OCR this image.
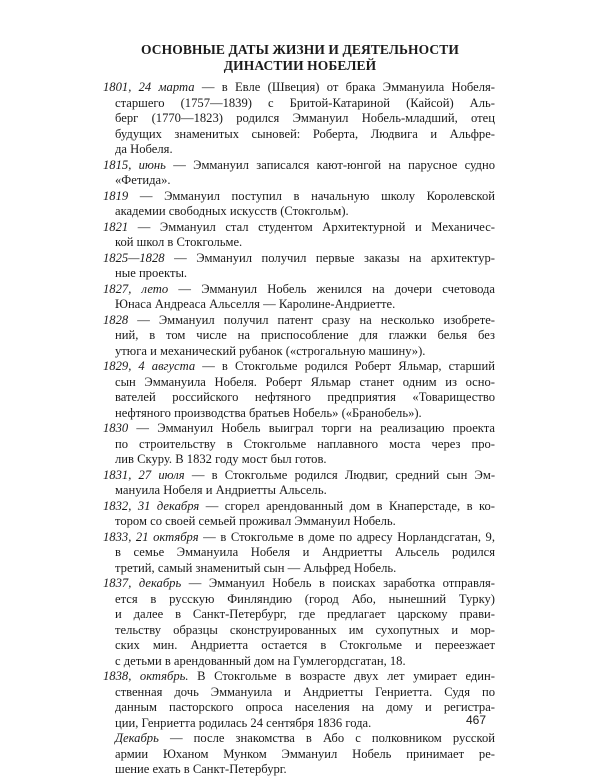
ОСНОВНЫЕ ДАТЫ ЖИЗНИ И ДЕЯТЕЛЬНОСТИ
ДИНАСТИИ НОБЕЛЕЙ
1801, 24 марта — в Евле (Швеция) от брака Эммануила Нобеля-
старшего (1757—1839) с Бритой-Катариной (Кайсой) Аль-
берг (1770—1823) родился Эммануил Нобель-младший, отец
будущих знаменитых сыновей: Роберта, Людвига и Альфре-
да Нобеля.
1815, июнь — Эммануил записался кают-юнгой на парусное судно
«Фетида».
1819 — Эммануил поступил в начальную школу Королевской
академии свободных искусств (Стокгольм).
1821 — Эммануил стал студентом Архитектурной и Механичес-
кой школ в Стокгольме.
1825—1828 — Эммануил получил первые заказы на архитектур-
ные проекты.
1827, лето — Эммануил Нобель женился на дочери счетовода
Юнаса Андреаса Альселля — Каролине-Андриетте.
1828 — Эммануил получил патент сразу на несколько изобрете-
ний, в том числе на приспособление для глажки белья без
утюга и механический рубанок («строгальную машину»).
1829, 4 августа — в Стокгольме родился Роберт Яльмар, старший
сын Эммануила Нобеля. Роберт Яльмар станет одним из осно-
вателей российского нефтяного предприятия «Товарищество
нефтяного производства братьев Нобель» («Бранобель»).
1830 — Эммануил Нобель выиграл торги на реализацию проекта
по строительству в Стокгольме наплавного моста через про-
лив Скуру. В 1832 году мост был готов.
1831, 27 июля — в Стокгольме родился Людвиг, средний сын Эм-
мануила Нобеля и Андриетты Альсель.
1832, 31 декабря — сгорел арендованный дом в Кнаперстаде, в ко-
тором со своей семьей проживал Эммануил Нобель.
1833, 21 октября — в Стокгольме в доме по адресу Норландсгатан, 9,
в семье Эммануила Нобеля и Андриетты Альсель родился
третий, самый знаменитый сын — Альфред Нобель.
1837, декабрь — Эммануил Нобель в поисках заработка отправля-
ется в русскую Финляндию (город Або, нынешний Турку)
и далее в Санкт-Петербург, где предлагает царскому прави-
тельству образцы сконструированных им сухопутных и мор-
ских мин. Андриетта остается в Стокгольме и переезжает
с детьми в арендованный дом на Гумлегордсгатан, 18.
1838, октябрь. В Стокгольме в возрасте двух лет умирает един-
ственная дочь Эммануила и Андриетты Генриетта. Судя по
данным пасторского опроса населения на дому и регистра-
ции, Генриетта родилась 24 сентября 1836 года.
Декабрь — после знакомства в Або с полковником русской
армии Юханом Мунком Эммануил Нобель принимает ре-
шение ехать в Санкт-Петербург.
467
